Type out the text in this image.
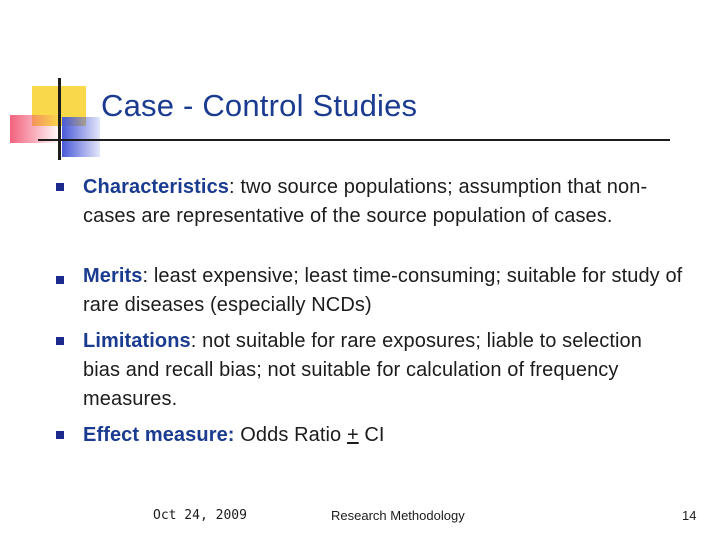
Case - Control Studies
Characteristics: two source populations; assumption that non-cases are representative of the source population of cases.
Merits: least expensive; least time-consuming; suitable for study of rare diseases (especially NCDs)
Limitations: not suitable for rare exposures; liable to selection bias and recall bias; not suitable for calculation of frequency measures.
Effect measure: Odds Ratio + CI
Oct 24, 2009	Research Methodology	14
